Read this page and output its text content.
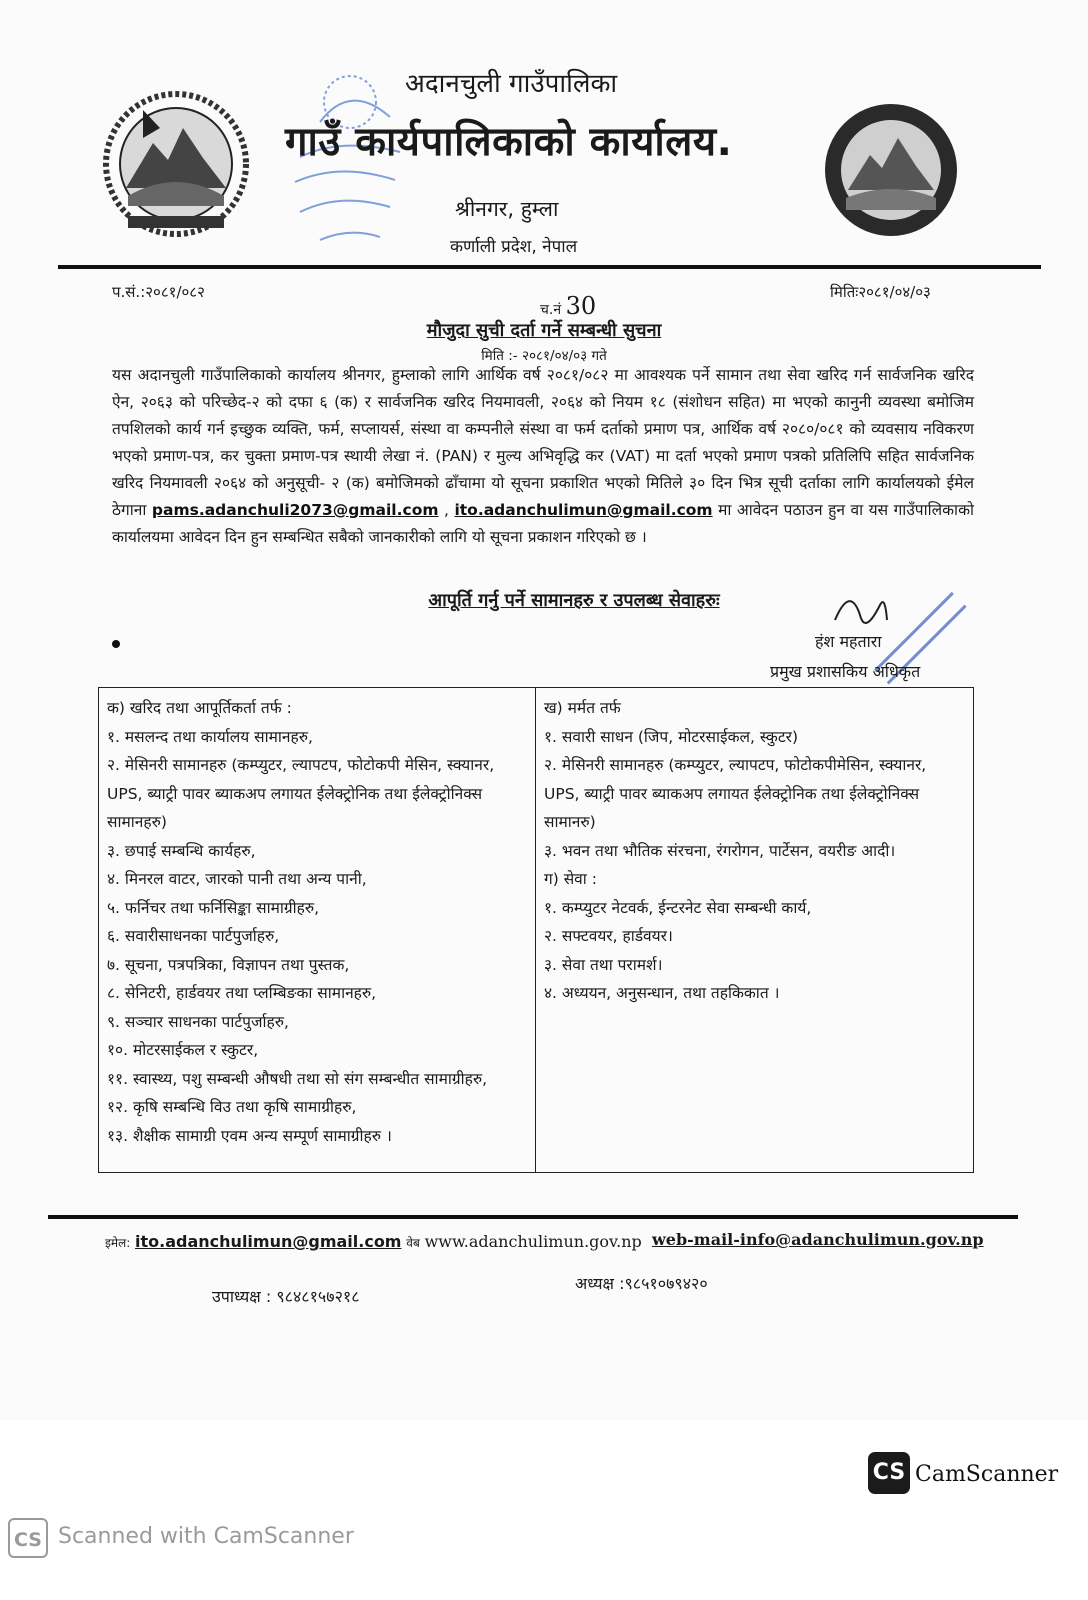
अदानचुली गाउँपालिका
गाउँ कार्यपालिकाको कार्यालय.
श्रीनगर, हुम्ला
कर्णाली प्रदेश, नेपाल
प.सं.:२०८१/०८२	मितिः२०८१/०४/०३
च.नं 30
मौजुदा सुची दर्ता गर्ने सम्बन्धी सुचना
मिति :- २०८१/०४/०३ गते
यस अदानचुली गाउँपालिकाको कार्यालय श्रीनगर, हुम्लाको लागि आर्थिक वर्ष २०८१/०८२ मा आवश्यक पर्ने सामान तथा सेवा खरिद गर्न सार्वजनिक खरिद ऐन, २०६३ को परिच्छेद-२ को दफा ६ (क) र सार्वजनिक खरिद नियमावली, २०६४ को नियम १८ (संशोधन सहित) मा भएको कानुनी व्यवस्था बमोजिम तपशिलको कार्य गर्न इच्छुक व्यक्ति, फर्म, सप्लायर्स, संस्था वा कम्पनीले संस्था वा फर्म दर्ताको प्रमाण पत्र, आर्थिक वर्ष २०८०/०८१ को व्यवसाय नविकरण भएको प्रमाण-पत्र, कर चुक्ता प्रमाण-पत्र स्थायी लेखा नं. (PAN) र मुल्य अभिवृद्धि कर (VAT) मा दर्ता भएको प्रमाण पत्रको प्रतिलिपि सहित सार्वजनिक खरिद नियमावली २०६४ को अनुसूची- २ (क) बमोजिमको ढाँचामा यो सूचना प्रकाशित भएको मितिले ३० दिन भित्र सूची दर्ताका लागि कार्यालयको ईमेल ठेगाना pams.adanchuli2073@gmail.com , ito.adanchulimun@gmail.com मा आवेदन पठाउन हुन वा यस गाउँपालिकाको कार्यालयमा आवेदन दिन हुन सम्बन्धित सबैको जानकारीको लागि यो सूचना प्रकाशन गरिएको छ ।
आपूर्ति गर्नु पर्ने सामानहरु र उपलब्ध सेवाहरुः
हंश महतारा
प्रमुख प्रशासकिय अधिकृत
क) खरिद तथा आपूर्तिकर्ता तर्फ :
१. मसलन्द तथा कार्यालय सामानहरु,
२. मेसिनरी सामानहरु (कम्प्युटर, ल्यापटप, फोटोकपी मेसिन, स्क्यानर, UPS, ब्याट्री पावर ब्याकअप लगायत ईलेक्ट्रोनिक तथा ईलेक्ट्रोनिक्स सामानहरु)
३. छपाई सम्बन्धि कार्यहरु,
४. मिनरल वाटर, जारको पानी तथा अन्य पानी,
५. फर्निचर तथा फर्निसिङ्का सामाग्रीहरु,
६. सवारीसाधनका पार्टपुर्जाहरु,
७. सूचना, पत्रपत्रिका, विज्ञापन तथा पुस्तक,
८. सेनिटरी, हार्डवयर तथा प्लम्बिङका सामानहरु,
९. सञ्चार साधनका पार्टपुर्जाहरु,
१०. मोटरसाईकल र स्कुटर,
११. स्वास्थ्य, पशु सम्बन्धी औषधी तथा सो संग सम्बन्धीत सामाग्रीहरु,
१२. कृषि सम्बन्धि विउ तथा कृषि सामाग्रीहरु,
१३. शैक्षीक सामाग्री एवम अन्य सम्पूर्ण सामाग्रीहरु ।
ख) मर्मत तर्फ
१. सवारी साधन (जिप, मोटरसाईकल, स्कुटर)
२. मेसिनरी सामानहरु (कम्प्युटर, ल्यापटप, फोटोकपीमेसिन, स्क्यानर, UPS, ब्याट्री पावर ब्याकअप लगायत ईलेक्ट्रोनिक तथा ईलेक्ट्रोनिक्स सामानरु)
३. भवन तथा भौतिक संरचना, रंगरोगन, पार्टेसन, वयरीङ आदी।
ग) सेवा :
१. कम्प्युटर नेटवर्क, ईन्टरनेट सेवा सम्बन्धी कार्य,
२. सफ्टवयर, हार्डवयर।
३. सेवा तथा परामर्श।
४. अध्ययन, अनुसन्धान, तथा तहकिकात ।
इमेल: ito.adanchulimun@gmail.com वेब www.adanchulimun.gov.np web-mail-info@adanchulimun.gov.np
उपाध्यक्ष : ९८४८१५७२१८
अध्यक्ष :९८५१०७९४२०
CS CamScanner
CS Scanned with CamScanner
